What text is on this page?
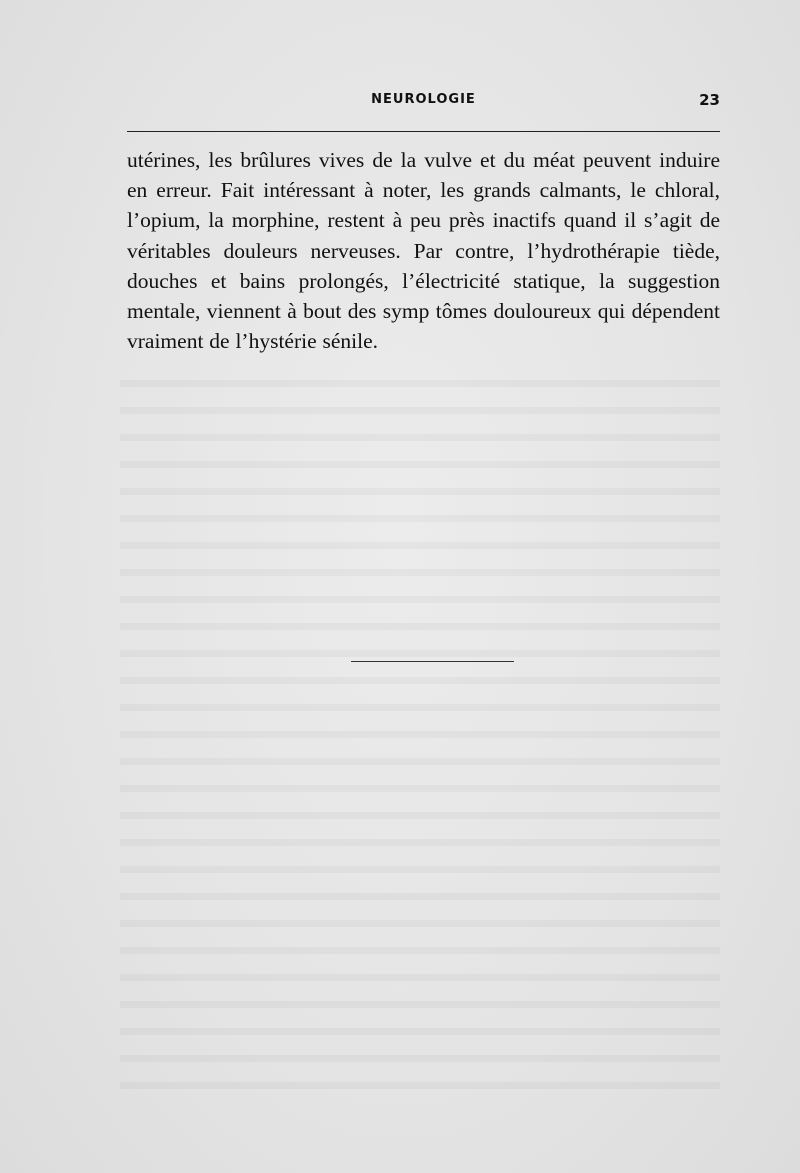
NEUROLOGIE	23

utérines, les brûlures vives de la vulve et du méat peuvent induire en erreur. Fait intéressant à noter, les grands calmants, le chloral, l’opium, la morphine, restent à peu près inactifs quand il s’agit de véritables douleurs nerveuses. Par contre, l’hydrothérapie tiède, douches et bains prolongés, l’électricité statique, la suggestion mentale, viennent à bout des symp tômes douloureux qui dépendent vraiment de l’hystérie sénile.
